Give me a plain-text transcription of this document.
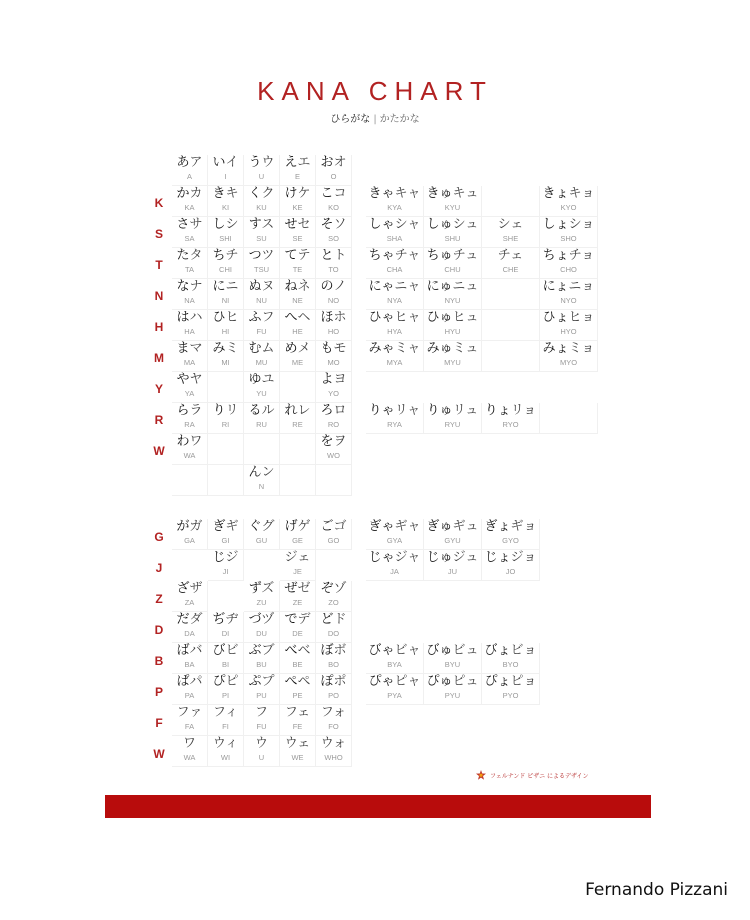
KANA CHART
ひらがな | かたかな
あア
A
いイ
I
うウ
U
えエ
E
おオ
O
かカ
KA
きキ
KI
くク
KU
けケ
KE
こコ
KO
さサ
SA
しシ
SHI
すス
SU
せセ
SE
そソ
SO
たタ
TA
ちチ
CHI
つツ
TSU
てテ
TE
とト
TO
なナ
NA
にニ
NI
ぬヌ
NU
ねネ
NE
のノ
NO
はハ
HA
ひヒ
HI
ふフ
FU
へヘ
HE
ほホ
HO
まマ
MA
みミ
MI
むム
MU
めメ
ME
もモ
MO
やヤ
YA
ゆユ
YU
よヨ
YO
らラ
RA
りリ
RI
るル
RU
れレ
RE
ろロ
RO
わワ
WA
をヲ
WO
んン
N
きゃキャ
KYA
きゅキュ
KYU
きょキョ
KYO
しゃシャ
SHA
しゅシュ
SHU
シェ
SHE
しょショ
SHO
ちゃチャ
CHA
ちゅチュ
CHU
チェ
CHE
ちょチョ
CHO
にゃニャ
NYA
にゅニュ
NYU
にょニョ
NYO
ひゃヒャ
HYA
ひゅヒュ
HYU
ひょヒョ
HYO
みゃミャ
MYA
みゅミュ
MYU
みょミョ
MYO
りゃリャ
RYA
りゅリュ
RYU
りょリョ
RYO
がガ
GA
ぎギ
GI
ぐグ
GU
げゲ
GE
ごゴ
GO
じジ
JI
ジェ
JE
ざザ
ZA
ずズ
ZU
ぜゼ
ZE
ぞゾ
ZO
だダ
DA
ぢヂ
DI
づヅ
DU
でデ
DE
どド
DO
ばバ
BA
びビ
BI
ぶブ
BU
べベ
BE
ぼボ
BO
ぱパ
PA
ぴピ
PI
ぷプ
PU
ぺペ
PE
ぽポ
PO
ファ
FA
フィ
FI
フ
FU
フェ
FE
フォ
FO
ワ
WA
ウィ
WI
ウ
U
ウェ
WE
ウォ
WHO
ぎゃギャ
GYA
ぎゅギュ
GYU
ぎょギョ
GYO
じゃジャ
JA
じゅジュ
JU
じょジョ
JO
びゃビャ
BYA
びゅビュ
BYU
びょビョ
BYO
ぴゃピャ
PYA
ぴゅピュ
PYU
ぴょピョ
PYO
K
S
T
N
H
M
Y
R
W
G
J
Z
D
B
P
F
W
フェルナンド ピザニ によるデザイン
Fernando Pizzani
